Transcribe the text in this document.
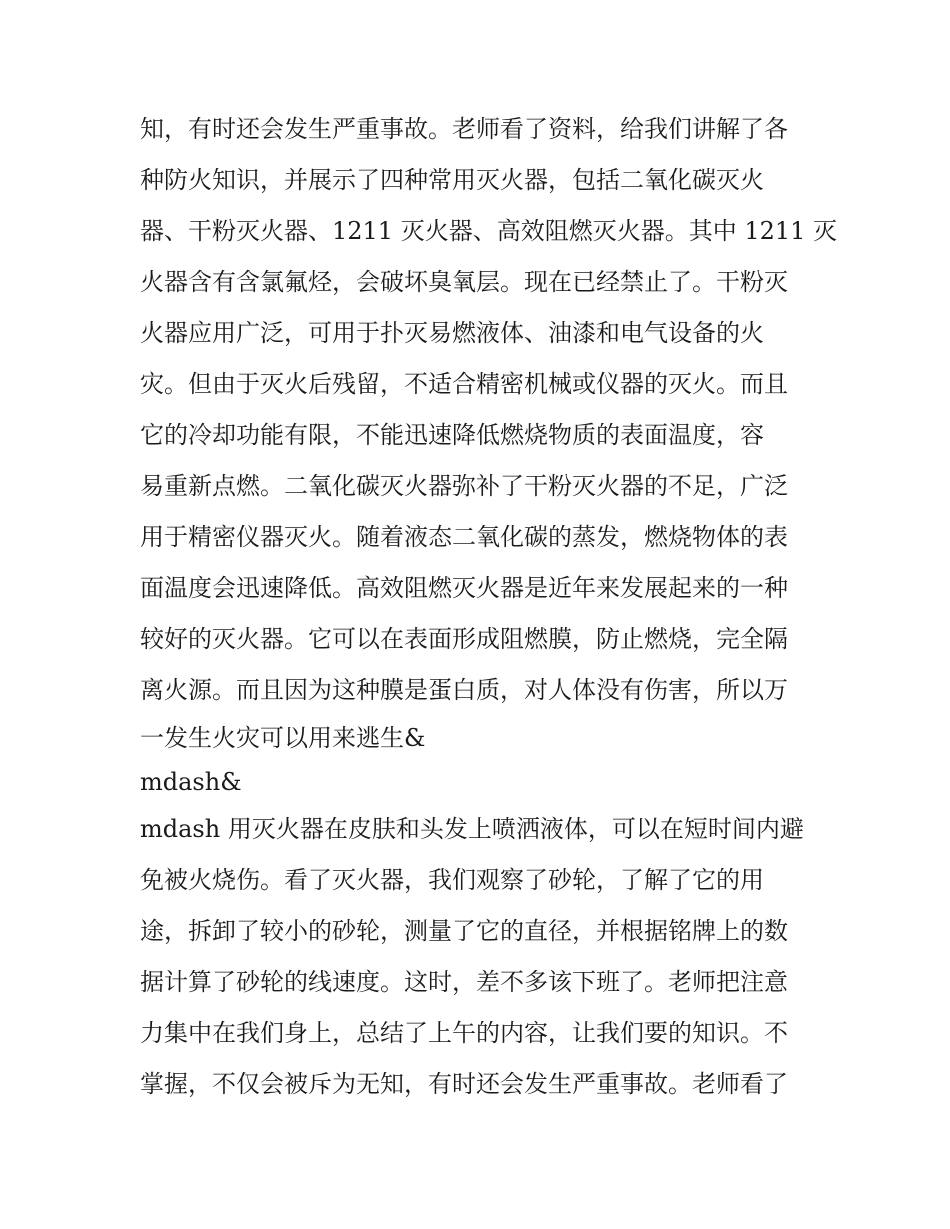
知，有时还会发生严重事故。老师看了资料，给我们讲解了各
种防火知识，并展示了四种常用灭火器，包括二氧化碳灭火
器、干粉灭火器、1211 灭火器、高效阻燃灭火器。其中 1211 灭
火器含有含氯氟烃，会破坏臭氧层。现在已经禁止了。干粉灭
火器应用广泛，可用于扑灭易燃液体、油漆和电气设备的火
灾。但由于灭火后残留，不适合精密机械或仪器的灭火。而且
它的冷却功能有限，不能迅速降低燃烧物质的表面温度，容
易重新点燃。二氧化碳灭火器弥补了干粉灭火器的不足，广泛
用于精密仪器灭火。随着液态二氧化碳的蒸发，燃烧物体的表
面温度会迅速降低。高效阻燃灭火器是近年来发展起来的一种
较好的灭火器。它可以在表面形成阻燃膜，防止燃烧，完全隔
离火源。而且因为这种膜是蛋白质，对人体没有伤害，所以万
一发生火灾可以用来逃生&
mdash&
mdash 用灭火器在皮肤和头发上喷洒液体，可以在短时间内避
免被火烧伤。看了灭火器，我们观察了砂轮，了解了它的用
途，拆卸了较小的砂轮，测量了它的直径，并根据铭牌上的数
据计算了砂轮的线速度。这时，差不多该下班了。老师把注意
力集中在我们身上，总结了上午的内容，让我们要的知识。不
掌握，不仅会被斥为无知，有时还会发生严重事故。老师看了
